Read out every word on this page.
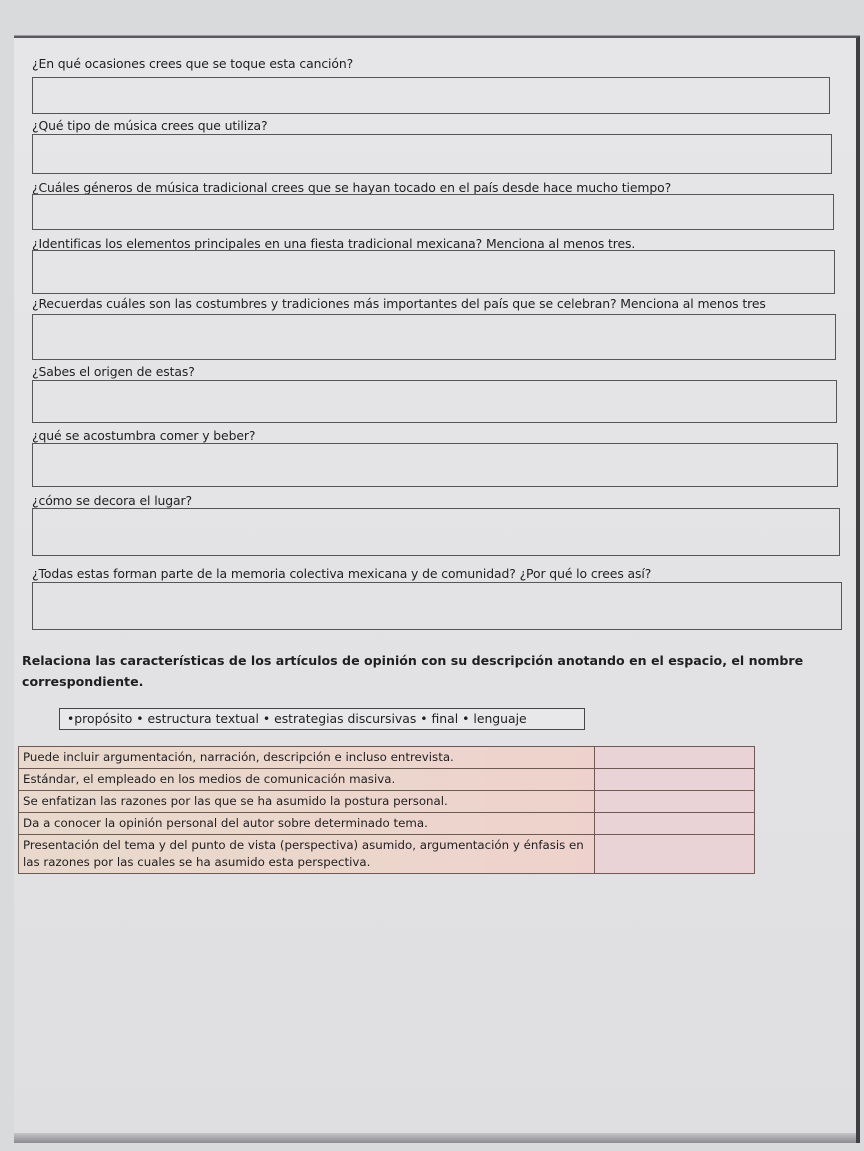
¿En qué ocasiones crees que se toque esta canción?
¿Qué tipo de música crees que utiliza?
¿Cuáles géneros de música tradicional crees que se hayan tocado en el país desde hace mucho tiempo?
¿Identificas los elementos principales en una fiesta tradicional mexicana? Menciona al menos tres.
¿Recuerdas cuáles son las costumbres y tradiciones más importantes del país que se celebran? Menciona al menos tres
¿Sabes el origen de estas?
¿qué se acostumbra comer y beber?
¿cómo se decora el lugar?
¿Todas estas forman parte de la memoria colectiva mexicana y de comunidad? ¿Por qué lo crees así?
Relaciona las características de los artículos de opinión con su descripción anotando en el espacio, el nombre correspondiente.
•propósito • estructura textual • estrategias discursivas • final • lenguaje
Puede incluir argumentación, narración, descripción e incluso entrevista.	
Estándar, el empleado en los medios de comunicación masiva.	
Se enfatizan las razones por las que se ha asumido la postura personal.	
Da a conocer la opinión personal del autor sobre determinado tema.	
Presentación del tema y del punto de vista (perspectiva) asumido, argumentación y énfasis en las razones por las cuales se ha asumido esta perspectiva.	
